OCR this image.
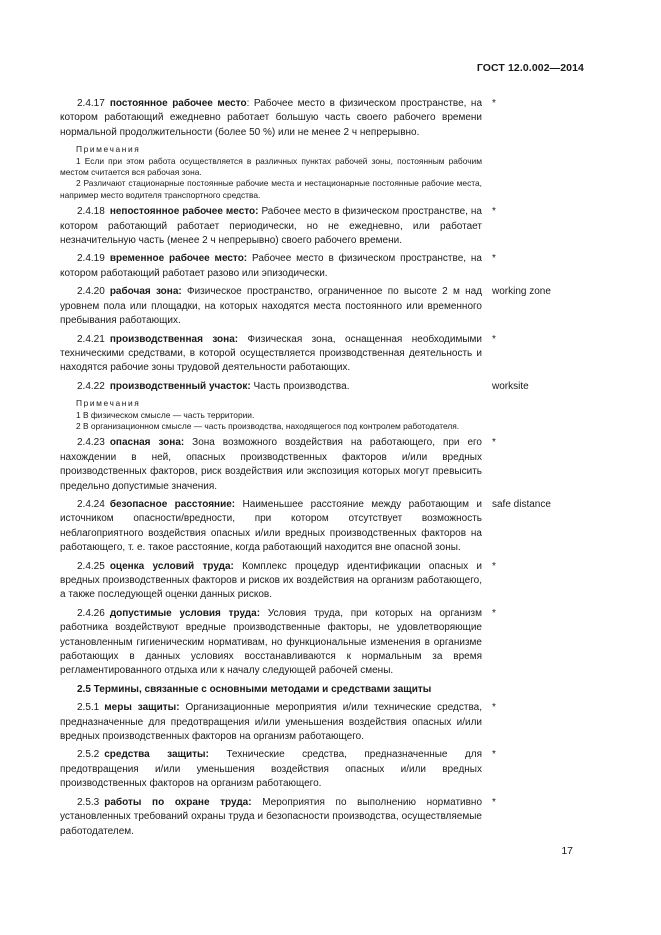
ГОСТ 12.0.002—2014
2.4.17 постоянное рабочее место: Рабочее место в физическом пространстве, на котором работающий ежедневно работает большую часть своего рабочего времени нормальной продолжительности (более 50 %) или не менее 2 ч непрерывно.
*
Примечания
1 Если при этом работа осуществляется в различных пунктах рабочей зоны, постоянным рабочим местом считается вся рабочая зона.
2 Различают стационарные постоянные рабочие места и нестационарные постоянные рабочие места, например место водителя транспортного средства.
2.4.18 непостоянное рабочее место: Рабочее место в физическом пространстве, на котором работающий работает периодически, но не ежедневно, или работает незначительную часть (менее 2 ч непрерывно) своего рабочего времени.
*
2.4.19 временное рабочее место: Рабочее место в физическом пространстве, на котором работающий работает разово или эпизодически.
*
2.4.20 рабочая зона: Физическое пространство, ограниченное по высоте 2 м над уровнем пола или площадки, на которых находятся места постоянного или временного пребывания работающих.
working zone
2.4.21 производственная зона: Физическая зона, оснащенная необходимыми техническими средствами, в которой осуществляется производственная деятельность и находятся рабочие зоны трудовой деятельности работающих.
*
2.4.22 производственный участок: Часть производства.	worksite
Примечания
1 В физическом смысле — часть территории.
2 В организационном смысле — часть производства, находящегося под контролем работодателя.
2.4.23 опасная зона: Зона возможного воздействия на работающего, при его нахождении в ней, опасных производственных факторов и/или вредных производственных факторов, риск воздействия или экспозиция которых могут превысить предельно допустимые значения.
*
2.4.24 безопасное расстояние: Наименьшее расстояние между работающим и источником опасности/вредности, при котором отсутствует возможность неблагоприятного воздействия опасных и/или вредных производственных факторов на работающего, т. е. такое расстояние, когда работающий находится вне опасной зоны.
safe distance
2.4.25 оценка условий труда: Комплекс процедур идентификации опасных и вредных производственных факторов и рисков их воздействия на организм работающего, а также последующей оценки данных рисков.
*
2.4.26 допустимые условия труда: Условия труда, при которых на организм работника воздействуют вредные производственные факторы, не удовлетворяющие установленным гигиеническим нормативам, но функциональные изменения в организме работающих в данных условиях восстанавливаются к нормальным за время регламентированного отдыха или к началу следующей рабочей смены.
*
2.5 Термины, связанные с основными методами и средствами защиты
2.5.1 меры защиты: Организационные мероприятия и/или технические средства, предназначенные для предотвращения и/или уменьшения воздействия опасных и/или вредных производственных факторов на организм работающего.
*
2.5.2 средства защиты: Технические средства, предназначенные для предотвращения и/или уменьшения воздействия опасных и/или вредных производственных факторов на организм работающего.
*
2.5.3 работы по охране труда: Мероприятия по выполнению нормативно установленных требований охраны труда и безопасности производства, осуществляемые работодателем.
*
17
